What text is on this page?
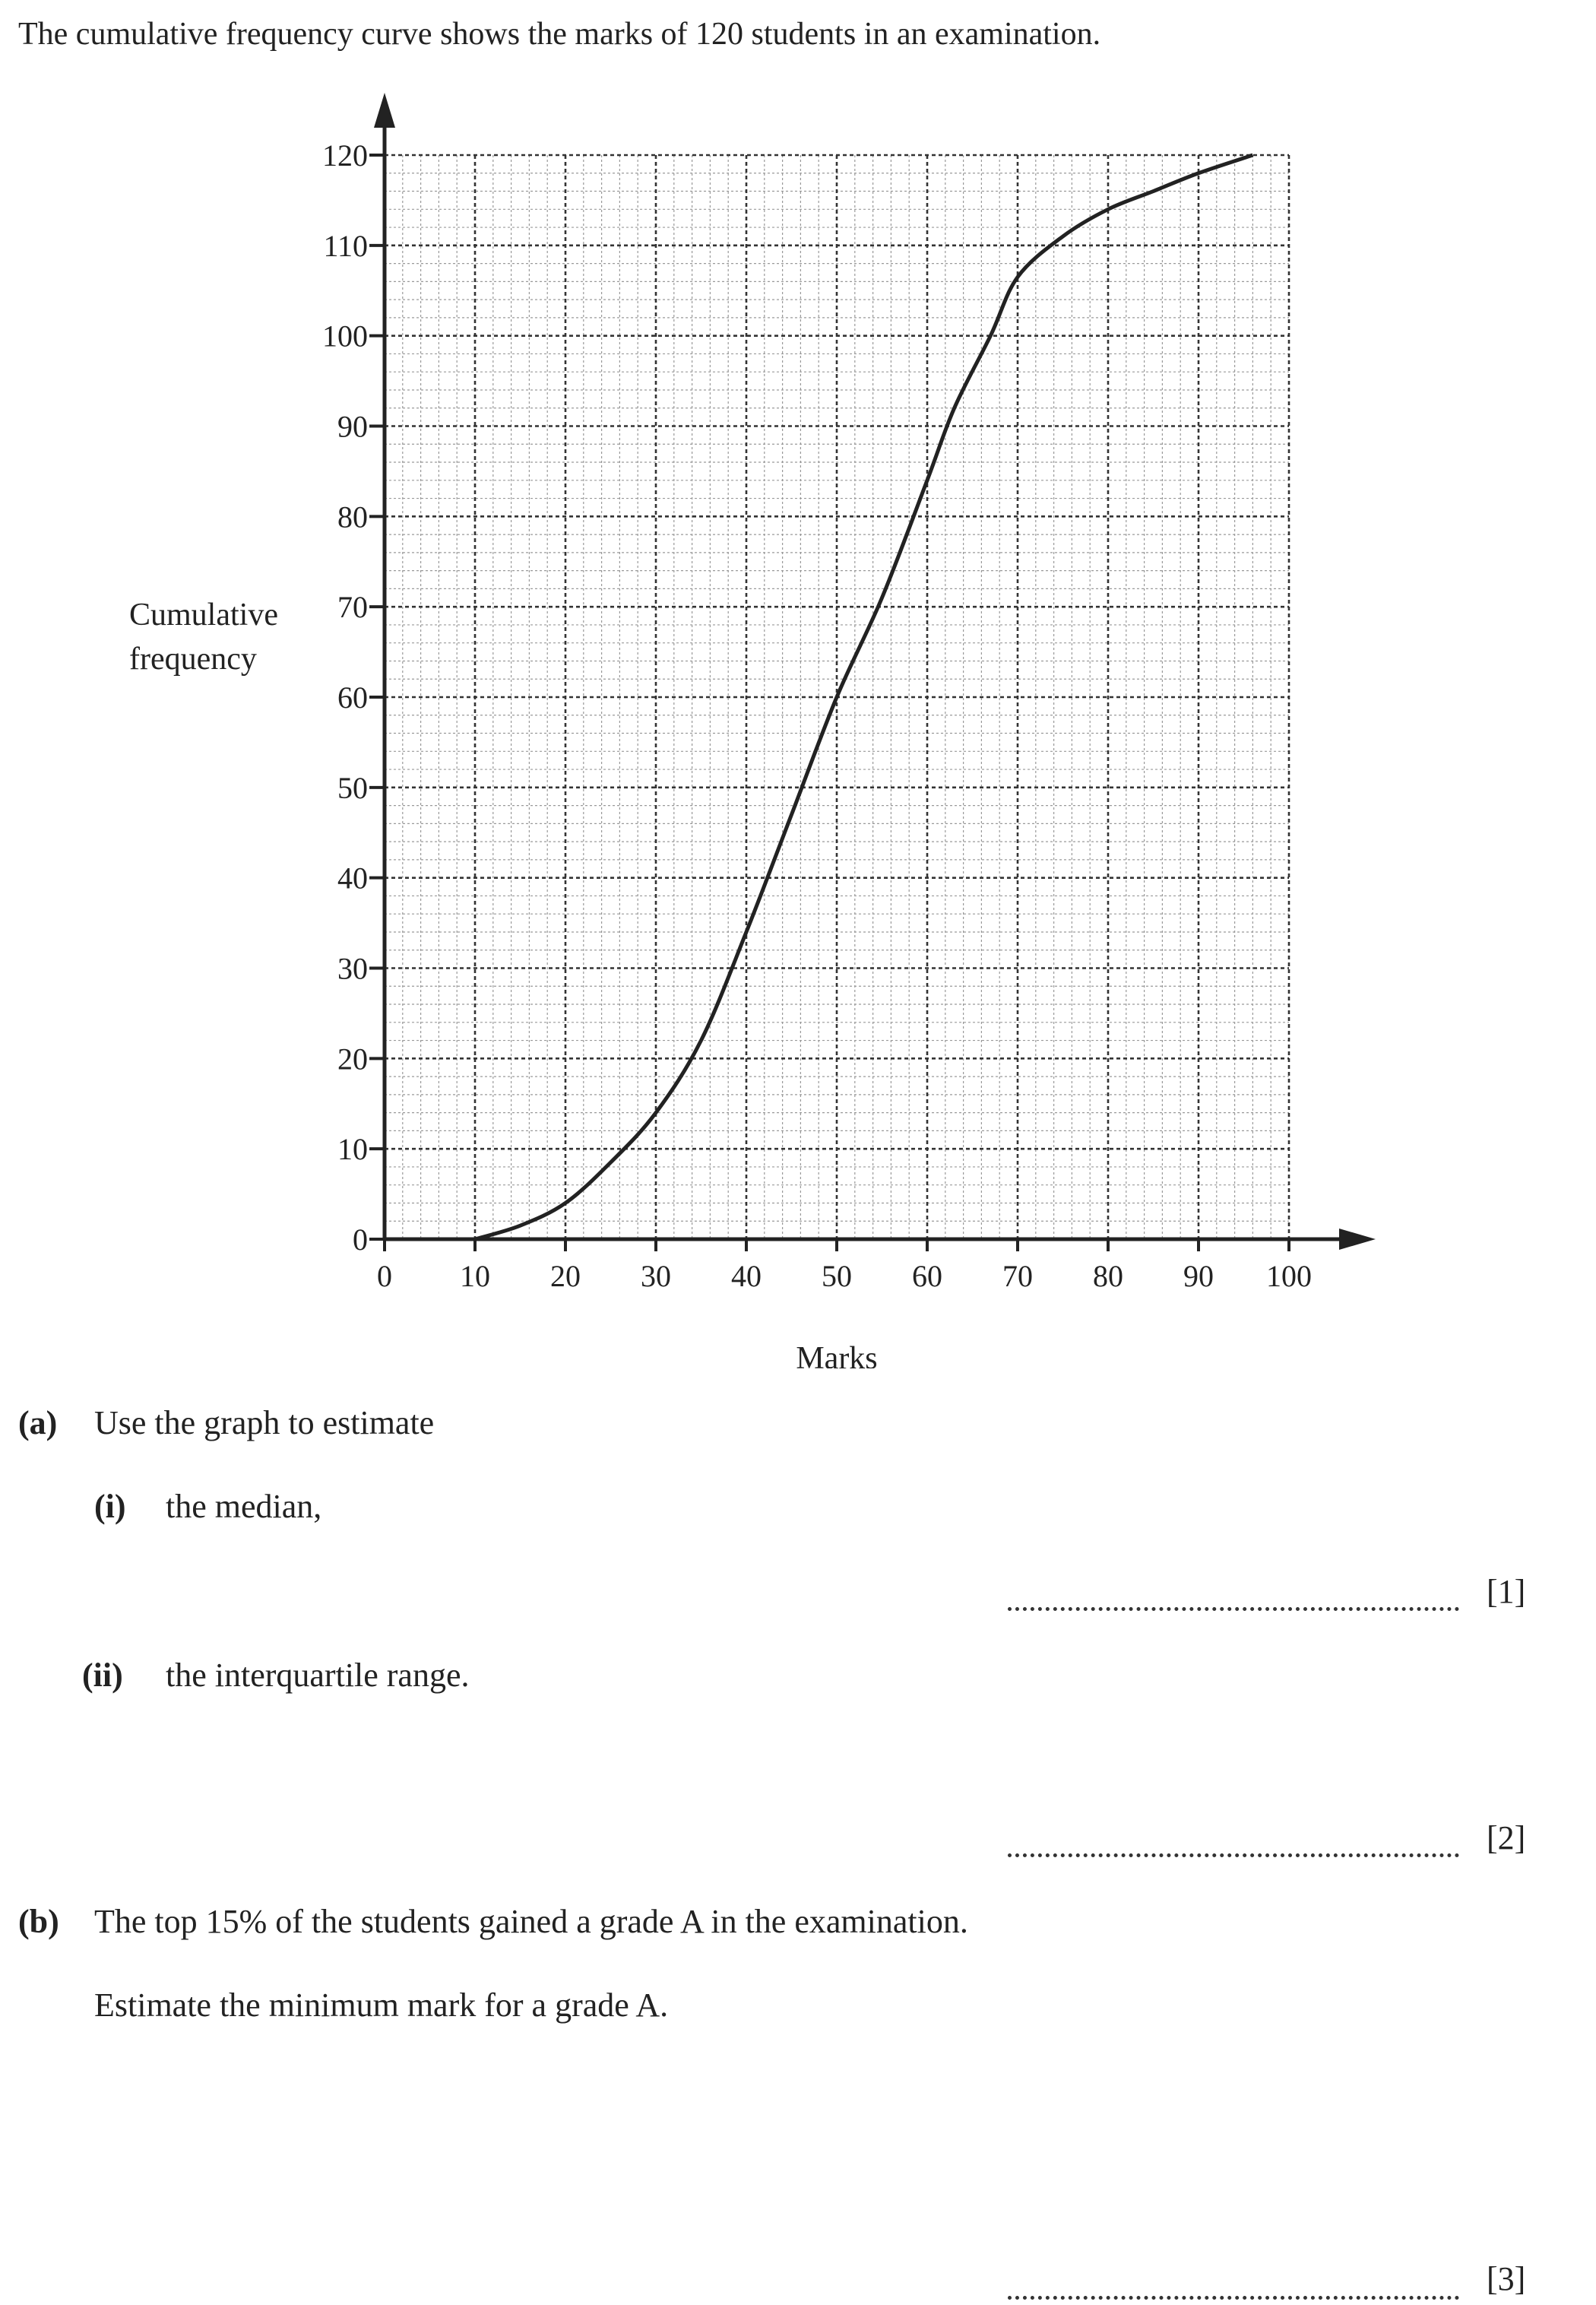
The cumulative frequency curve shows the marks of 120 students in an examination.
0
10
20
30
40
50
60
70
80
90
100
110
120
0 10 20 30 40 50 60 70 80 90 100
Marks
Cumulative
frequency
(a) Use the graph to estimate
(i) the median,
[1]
(ii) the interquartile range.
[2]
(b) The top 15% of the students gained a grade A in the examination.
Estimate the minimum mark for a grade A.
[3]
